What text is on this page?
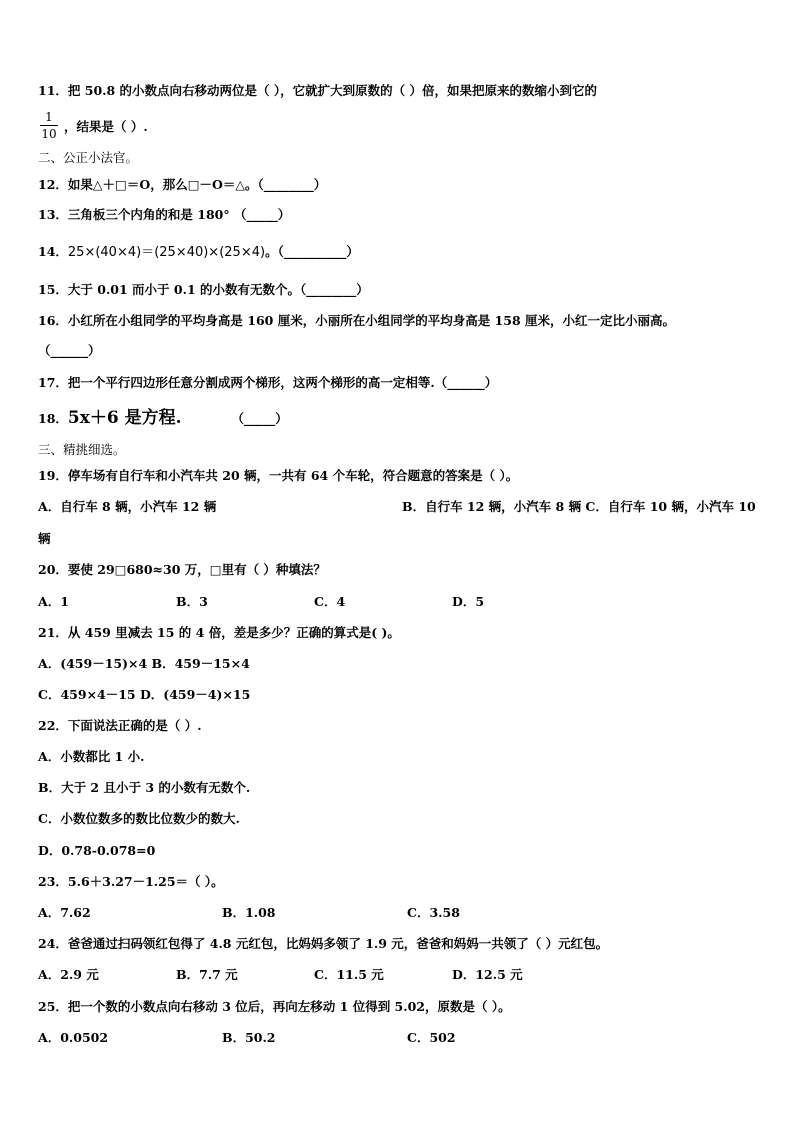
11．把 50.8 的小数点向右移动两位是（ ），它就扩大到原数的（ ）倍，如果把原来的数缩小到它的
1
10 ，结果是（ ）.
二、公正小法官。
12．如果△＋□＝O，那么□－O＝△。（________）
13．三角板三个内角的和是 180° （_____）
14．25×(40×4)＝(25×40)×(25×4)。（__________）
15．大于 0.01 而小于 0.1 的小数有无数个。（________）
16．小红所在小组同学的平均身高是 160 厘米，小丽所在小组同学的平均身高是 158 厘米，小红一定比小丽高。
（______）
17．把一个平行四边形任意分割成两个梯形，这两个梯形的高一定相等.（______）
18．5x＋6 是方程.	（_____）
三、精挑细选。
19．停车场有自行车和小汽车共 20 辆，一共有 64 个车轮，符合题意的答案是（ ）。
A．自行车 8 辆，小汽车 12 辆	B．自行车 12 辆，小汽车 8 辆 C．自行车 10 辆，小汽车 10
辆
20．要使 29□680≈30 万，□里有（ ）种填法？
A．1	B．3	C．4	D．5
21．从 459 里减去 15 的 4 倍，差是多少？正确的算式是( )。
A．(459－15)×4 B．459－15×4
C．459×4－15 D．(459－4)×15
22．下面说法正确的是（ ）.
A．小数都比 1 小.
B．大于 2 且小于 3 的小数有无数个.
C．小数位数多的数比位数少的数大.
D．0.78-0.078=0
23．5.6＋3.27－1.25＝（ ）。
A．7.62	B．1.08	C．3.58
24．爸爸通过扫码领红包得了 4.8 元红包，比妈妈多领了 1.9 元，爸爸和妈妈一共领了（ ）元红包。
A．2.9 元	B．7.7 元	C．11.5 元	D．12.5 元
25．把一个数的小数点向右移动 3 位后，再向左移动 1 位得到 5.02，原数是（ ）。
A．0.0502	B．50.2	C．502
